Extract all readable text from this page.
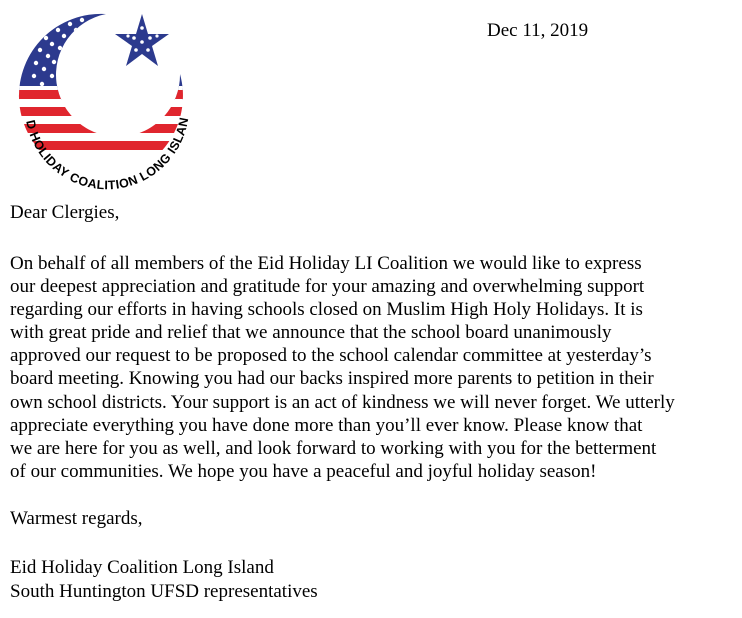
D HOLIDAY COALITION LONG ISLAN
Dec 11, 2019
Dear Clergies,
On behalf of all members of the Eid Holiday LI Coalition we would like to express
our deepest appreciation and gratitude for your amazing and overwhelming support
regarding our efforts in having schools closed on Muslim High Holy Holidays. It is
with great pride and relief that we announce that the school board unanimously
approved our request to be proposed to the school calendar committee at yesterday’s
board meeting. Knowing you had our backs inspired more parents to petition in their
own school districts. Your support is an act of kindness we will never forget. We utterly
appreciate everything you have done more than you’ll ever know. Please know that
we are here for you as well, and look forward to working with you for the betterment
of our communities. We hope you have a peaceful and joyful holiday season!
Warmest regards,
Eid Holiday Coalition Long Island
South Huntington UFSD representatives
